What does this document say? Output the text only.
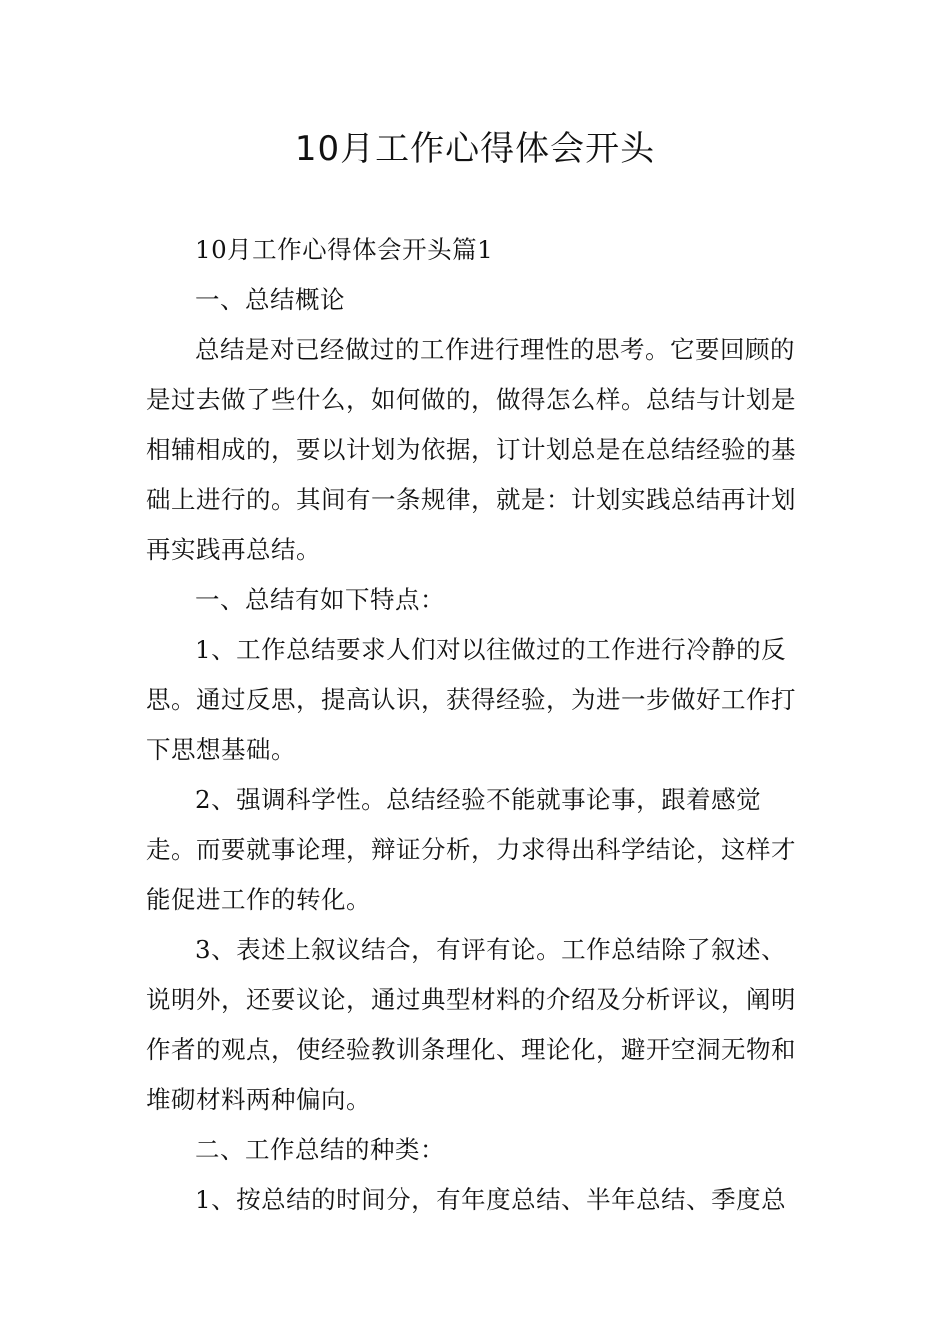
10月工作心得体会开头

10月工作心得体会开头篇1

一、总结概论

总结是对已经做过的工作进行理性的思考。它要回顾的是过去做了些什么，如何做的，做得怎么样。总结与计划是相辅相成的，要以计划为依据，订计划总是在总结经验的基础上进行的。其间有一条规律，就是：计划实践总结再计划再实践再总结。

一、总结有如下特点：

1、工作总结要求人们对以往做过的工作进行冷静的反思。通过反思，提高认识，获得经验，为进一步做好工作打下思想基础。

2、强调科学性。总结经验不能就事论事，跟着感觉走。而要就事论理，辩证分析，力求得出科学结论，这样才能促进工作的转化。

3、表述上叙议结合，有评有论。工作总结除了叙述、说明外，还要议论，通过典型材料的介绍及分析评议，阐明作者的观点，使经验教训条理化、理论化，避开空洞无物和堆砌材料两种偏向。

二、工作总结的种类：

1、按总结的时间分，有年度总结、半年总结、季度总
